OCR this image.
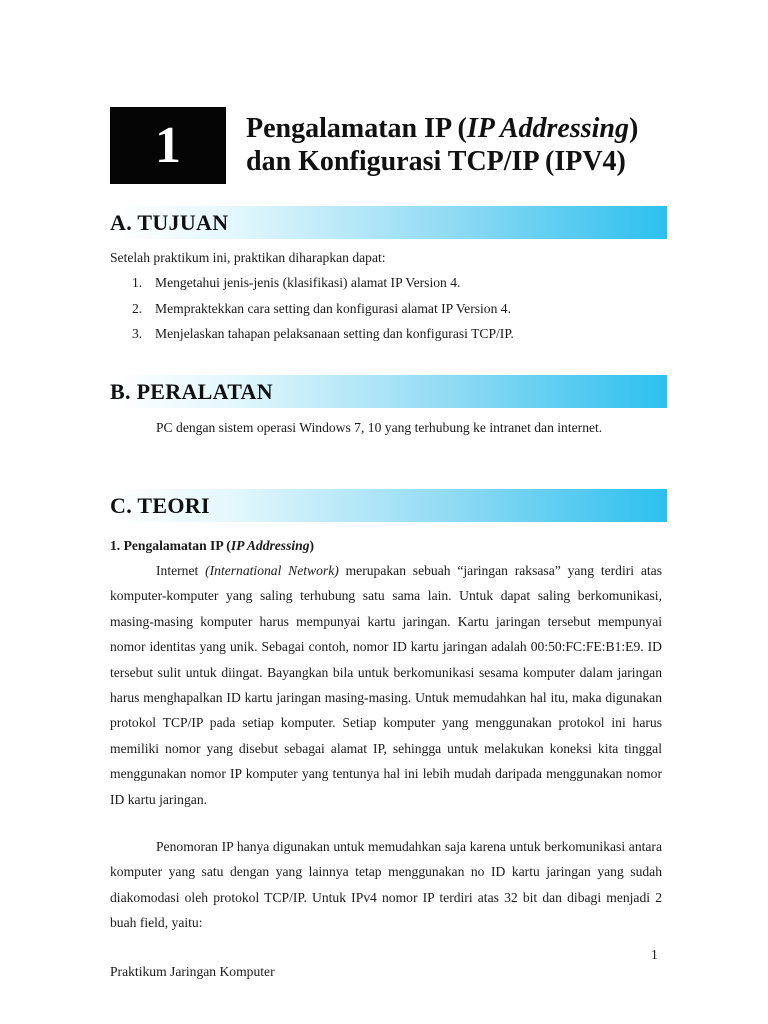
1 Pengalamatan IP (IP Addressing)
dan Konfigurasi TCP/IP (IPV4)
A. TUJUAN
Setelah praktikum ini, praktikan diharapkan dapat:
1. Mengetahui jenis-jenis (klasifikasi) alamat IP Version 4.
2. Mempraktekkan cara setting dan konfigurasi alamat IP Version 4.
3. Menjelaskan tahapan pelaksanaan setting dan konfigurasi TCP/IP.
B. PERALATAN

PC dengan sistem operasi Windows 7, 10 yang terhubung ke intranet dan internet.

C. TEORI
1. Pengalamatan IP (IP Addressing)

Internet (International Network) merupakan sebuah “jaringan raksasa” yang terdiri atas komputer-komputer yang saling terhubung satu sama lain. Untuk dapat saling berkomunikasi, masing-masing komputer harus mempunyai kartu jaringan. Kartu jaringan tersebut mempunyai nomor identitas yang unik. Sebagai contoh, nomor ID kartu jaringan adalah 00:50:FC:FE:B1:E9. ID tersebut sulit untuk diingat. Bayangkan bila untuk berkomunikasi sesama komputer dalam jaringan harus menghapalkan ID kartu jaringan masing-masing. Untuk memudahkan hal itu, maka digunakan protokol TCP/IP pada setiap komputer. Setiap komputer yang menggunakan protokol ini harus memiliki nomor yang disebut sebagai alamat IP, sehingga untuk melakukan koneksi kita tinggal menggunakan nomor IP komputer yang tentunya hal ini lebih mudah daripada menggunakan nomor ID kartu jaringan.

Penomoran IP hanya digunakan untuk memudahkan saja karena untuk berkomunikasi antara komputer yang satu dengan yang lainnya tetap menggunakan no ID kartu jaringan yang sudah diakomodasi oleh protokol TCP/IP. Untuk IPv4 nomor IP terdiri atas 32 bit dan dibagi menjadi 2 buah field, yaitu:

1
Praktikum Jaringan Komputer
